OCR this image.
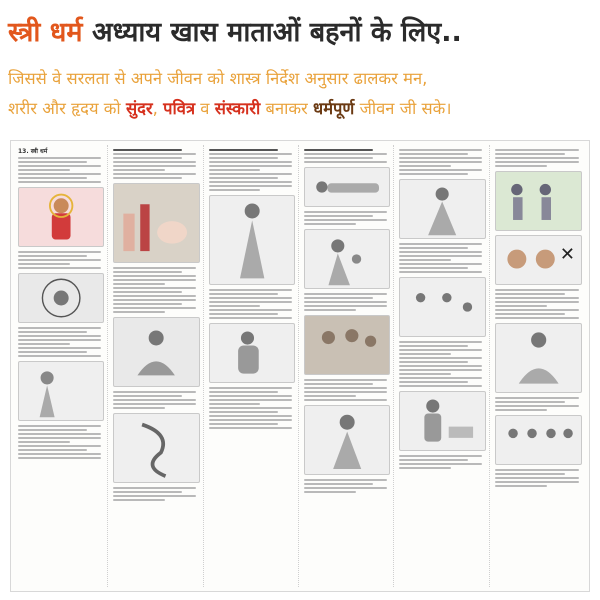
स्त्री धर्म अध्याय खास माताओं बहनों के लिए..
जिससे वे सरलता से अपने जीवन को शास्त्र निर्देश अनुसार ढालकर मन,
शरीर और हृदय को सुंदर, पवित्र व संस्कारी बनाकर धर्मपूर्ण जीवन जी सके।
13. स्त्री धर्म
✕
